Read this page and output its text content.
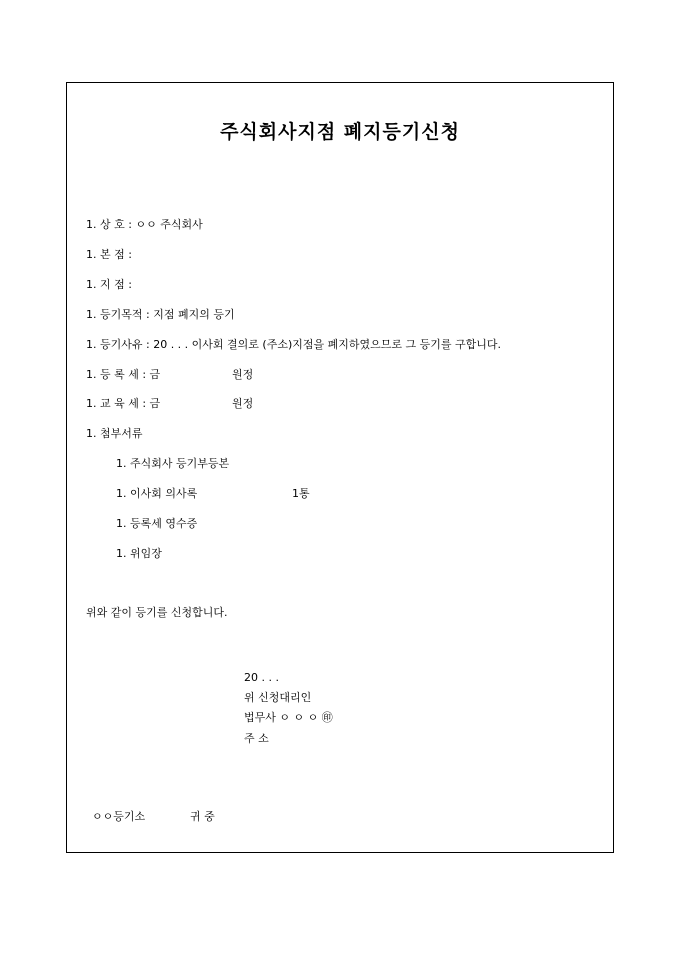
주식회사지점 폐지등기신청
1. 상 호 : ㅇㅇ 주식회사
1. 본 점 :
1. 지 점 :
1. 등기목적 : 지점 폐지의 등기
1. 등기사유 : 20 . . . 이사회 결의로 (주소)지점을 폐지하였으므로 그 등기를 구합니다.
1. 등 록 세 : 금	원정
1. 교 육 세 : 금	원정
1. 첨부서류
1. 주식회사 등기부등본
1. 이사회 의사록	1통
1. 등록세 영수증
1. 위임장
위와 같이 등기를 신청합니다.
20 . . .
위 신청대리인
법무사 ㅇ ㅇ ㅇ ㊞
주 소
ㅇㅇ등기소	귀 중
